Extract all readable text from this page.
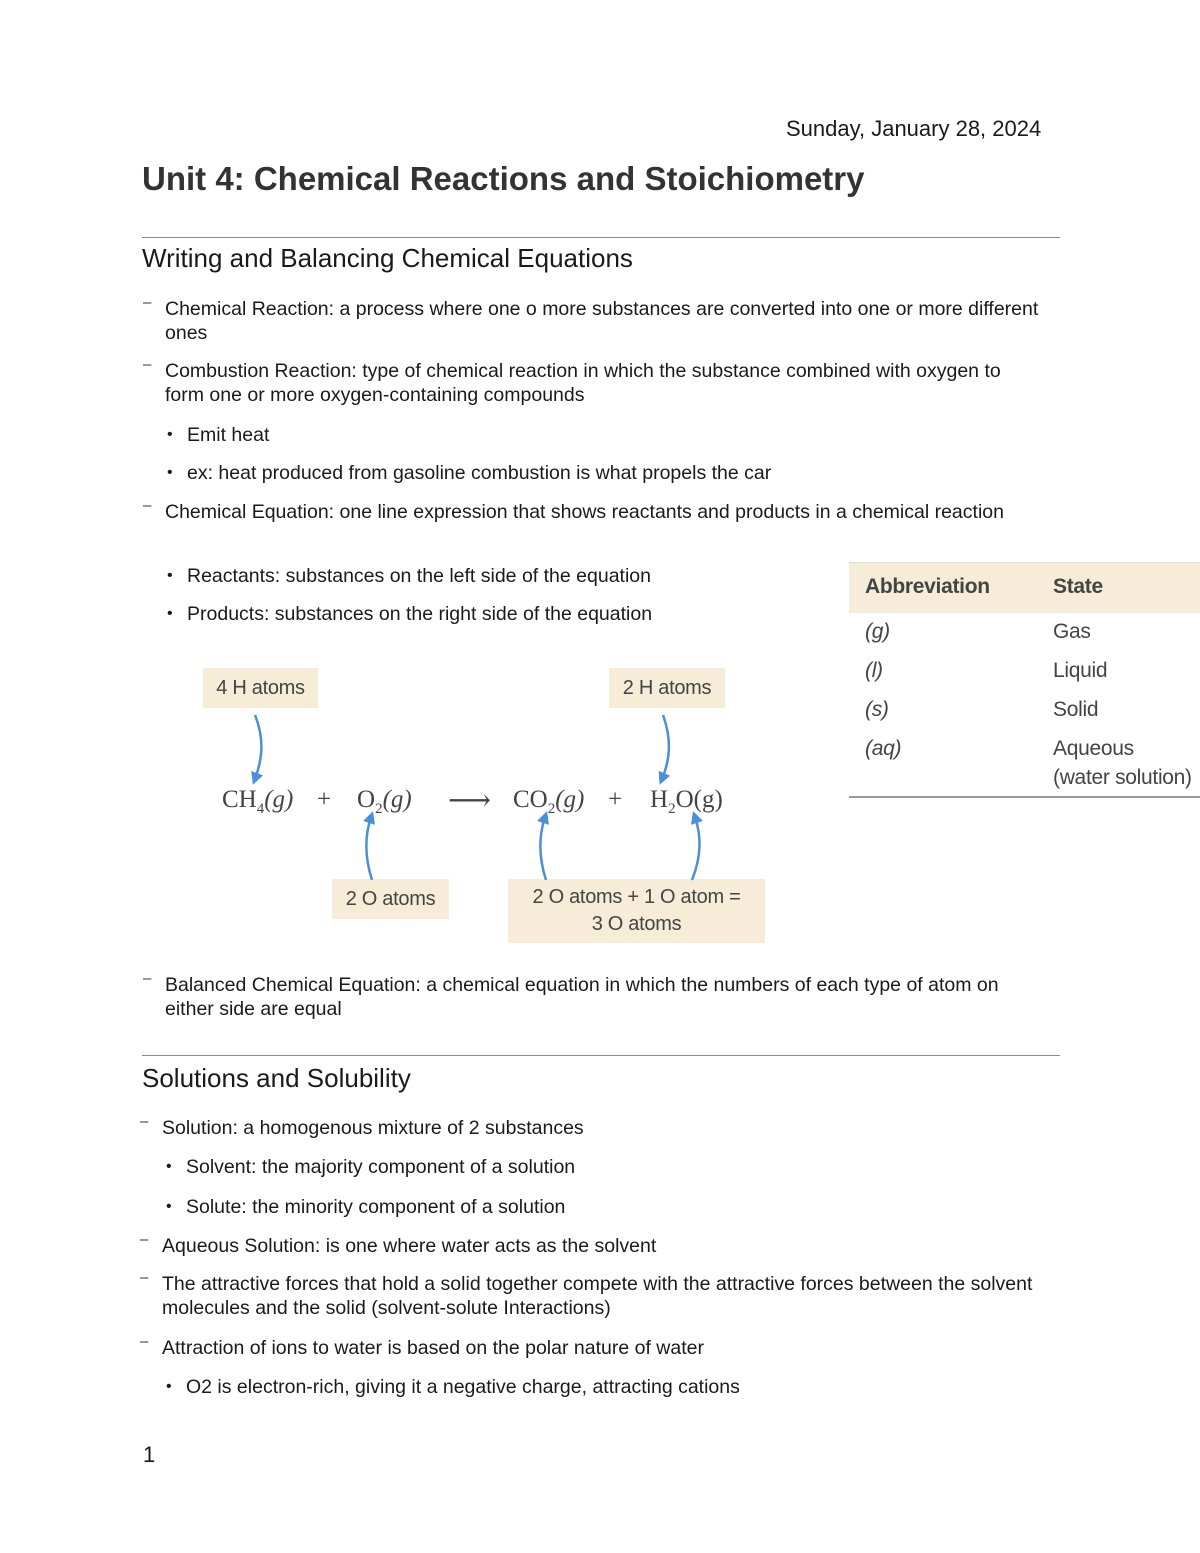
Sunday, January 28, 2024
Unit 4: Chemical Reactions and Stoichiometry
Writing and Balancing Chemical Equations
– Chemical Reaction: a process where one o more substances are converted into one or more different ones
– Combustion Reaction: type of chemical reaction in which the substance combined with oxygen to form one or more oxygen-containing compounds
• Emit heat
• ex: heat produced from gasoline combustion is what propels the car
– Chemical Equation: one line expression that shows reactants and products in a chemical reaction
• Reactants: substances on the left side of the equation
• Products: substances on the right side of the equation
4 H atoms	2 H atoms
2 O atoms	2 O atoms + 1 O atom =
3 O atoms
$CH_4(g) + O_2(g)$ ⟶ $CO_2(g) + H_2O(g)$
Abbreviation	State
(g)	Gas
(l)	Liquid
(s)	Solid
(aq)	Aqueous
(water solution)
– Balanced Chemical Equation: a chemical equation in which the numbers of each type of atom on either side are equal
Solutions and Solubility
– Solution: a homogenous mixture of 2 substances
• Solvent: the majority component of a solution
• Solute: the minority component of a solution
– Aqueous Solution: is one where water acts as the solvent
– The attractive forces that hold a solid together compete with the attractive forces between the solvent molecules and the solid (solvent-solute Interactions)
– Attraction of ions to water is based on the polar nature of water
• O2 is electron-rich, giving it a negative charge, attracting cations
1
